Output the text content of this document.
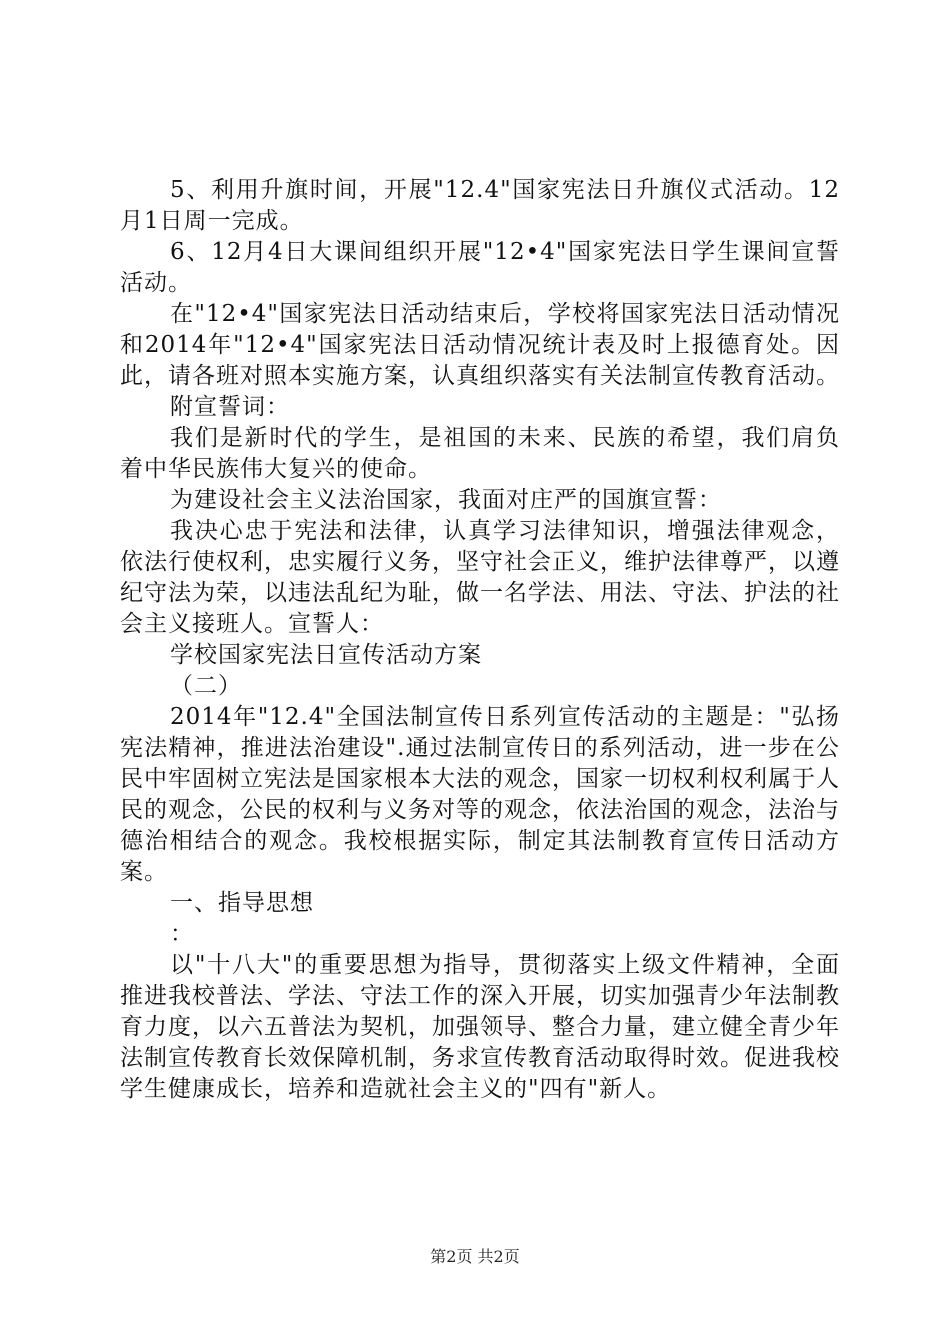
5、利用升旗时间，开展"12.4"国家宪法日升旗仪式活动。12月1日周一完成。

6、12月4日大课间组织开展"12•4"国家宪法日学生课间宣誓活动。

在"12•4"国家宪法日活动结束后，学校将国家宪法日活动情况和2014年"12•4"国家宪法日活动情况统计表及时上报德育处。因此，请各班对照本实施方案，认真组织落实有关法制宣传教育活动。

附宣誓词：

我们是新时代的学生，是祖国的未来、民族的希望，我们肩负着中华民族伟大复兴的使命。

为建设社会主义法治国家，我面对庄严的国旗宣誓：

我决心忠于宪法和法律，认真学习法律知识，增强法律观念，依法行使权利，忠实履行义务，坚守社会正义，维护法律尊严，以遵纪守法为荣，以违法乱纪为耻，做一名学法、用法、守法、护法的社会主义接班人。宣誓人：

学校国家宪法日宣传活动方案

（二）

2014年"12.4"全国法制宣传日系列宣传活动的主题是："弘扬宪法精神，推进法治建设".通过法制宣传日的系列活动，进一步在公民中牢固树立宪法是国家根本大法的观念，国家一切权利权利属于人民的观念，公民的权利与义务对等的观念，依法治国的观念，法治与德治相结合的观念。我校根据实际，制定其法制教育宣传日活动方案。

一、指导思想

：

以"十八大"的重要思想为指导，贯彻落实上级文件精神，全面推进我校普法、学法、守法工作的深入开展，切实加强青少年法制教育力度，以六五普法为契机，加强领导、整合力量，建立健全青少年法制宣传教育长效保障机制，务求宣传教育活动取得时效。促进我校学生健康成长，培养和造就社会主义的"四有"新人。

第2页 共2页
